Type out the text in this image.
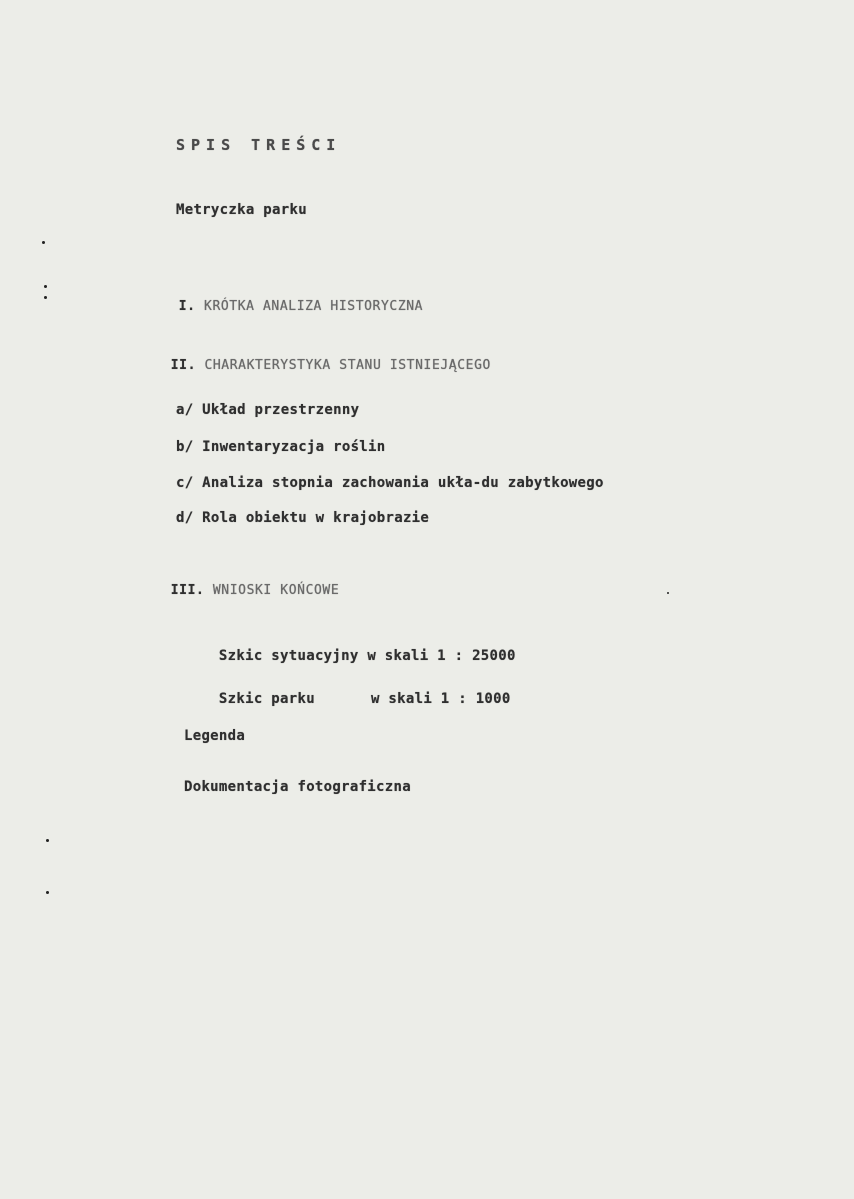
SPIS TREŚCI
Metryczka parku

I. KRÓTKA ANALIZA HISTORYCZNA

II. CHARAKTERYSTYKA STANU ISTNIEJĄCEGO

a/ Układ przestrzenny
b/ Inwentaryzacja roślin
c/ Analiza stopnia zachowania ukła-du zabytkowego
d/ Rola obiektu w krajobrazie

III. WNIOSKI KOŃCOWE

Szkic sytuacyjny w skali 1 : 25000

Szkic parku	w skali 1 : 1000

Legenda
Dokumentacja fotograficzna
